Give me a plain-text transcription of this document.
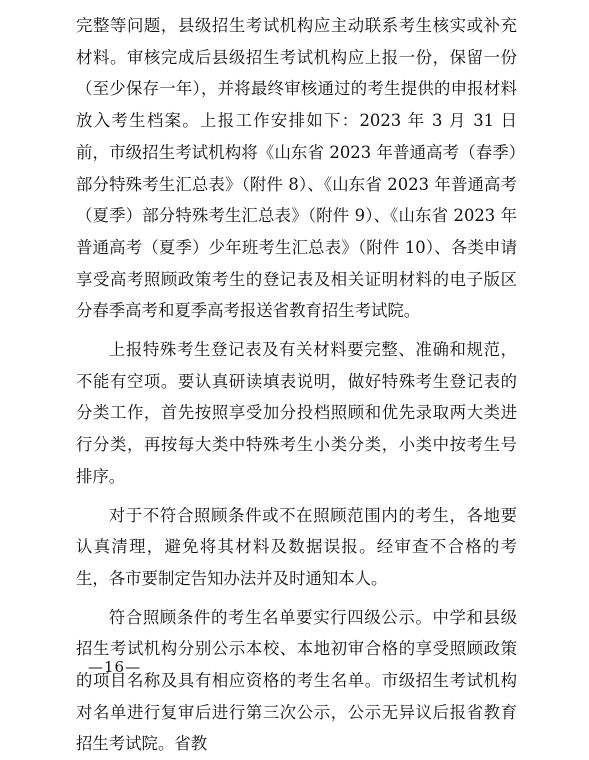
完整等问题，县级招生考试机构应主动联系考生核实或补充材料。审核完成后县级招生考试机构应上报一份，保留一份（至少保存一年），并将最终审核通过的考生提供的申报材料放入考生档案。上报工作安排如下：2023 年 3 月 31 日前，市级招生考试机构将《山东省 2023 年普通高考（春季）部分特殊考生汇总表》（附件 8）、《山东省 2023 年普通高考（夏季）部分特殊考生汇总表》（附件 9）、《山东省 2023 年普通高考（夏季）少年班考生汇总表》（附件 10）、各类申请享受高考照顾政策考生的登记表及相关证明材料的电子版区分春季高考和夏季高考报送省教育招生考试院。

上报特殊考生登记表及有关材料要完整、准确和规范，不能有空项。要认真研读填表说明，做好特殊考生登记表的分类工作，首先按照享受加分投档照顾和优先录取两大类进行分类，再按每大类中特殊考生小类分类，小类中按考生号排序。

对于不符合照顾条件或不在照顾范围内的考生，各地要认真清理，避免将其材料及数据误报。经审查不合格的考生，各市要制定告知办法并及时通知本人。

符合照顾条件的考生名单要实行四级公示。中学和县级招生考试机构分别公示本校、本地初审合格的享受照顾政策的项目名称及具有相应资格的考生名单。市级招生考试机构对名单进行复审后进行第三次公示，公示无异议后报省教育招生考试院。省教

—16—
